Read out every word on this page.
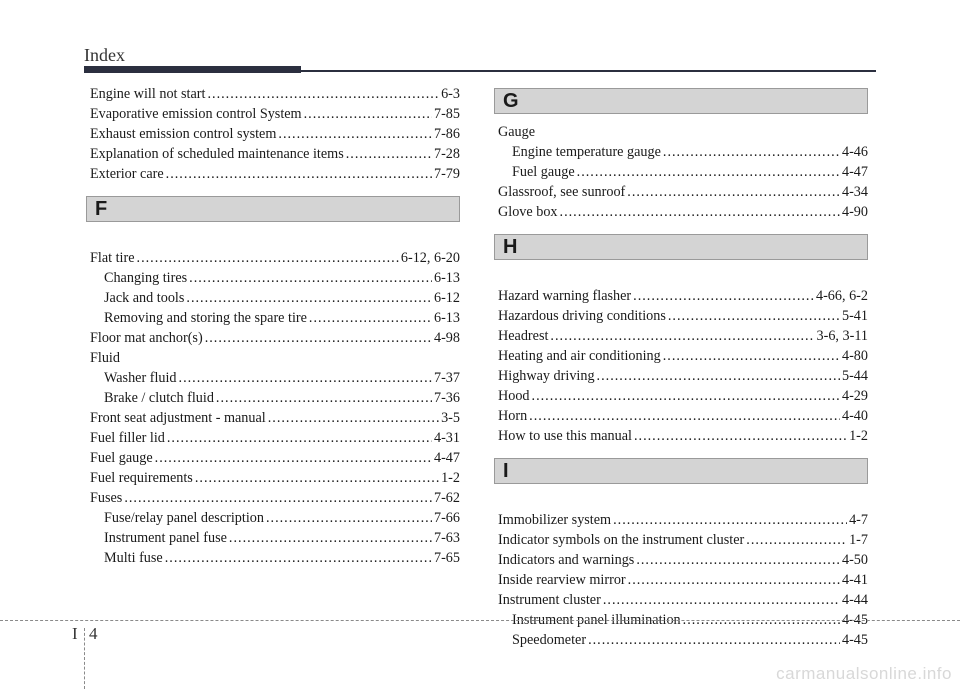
Index
Engine will not start .....	6-3
Evaporative emission control System .....	7-85
Exhaust emission control system .....	7-86
Explanation of scheduled maintenance items .....	7-28
Exterior care .....	7-79
F
Flat tire .....	6-12, 6-20
Changing tires .....	6-13
Jack and tools .....	6-12
Removing and storing the spare tire .....	6-13
Floor mat anchor(s) .....	4-98
Fluid
Washer fluid .....	7-37
Brake / clutch fluid .....	7-36
Front seat adjustment - manual .....	3-5
Fuel filler lid .....	4-31
Fuel gauge .....	4-47
Fuel requirements .....	1-2
Fuses .....	7-62
Fuse/relay panel description .....	7-66
Instrument panel fuse .....	7-63
Multi fuse .....	7-65
G
Gauge
Engine temperature gauge .....	4-46
Fuel gauge .....	4-47
Glassroof, see sunroof .....	4-34
Glove box .....	4-90
H
Hazard warning flasher .....	4-66, 6-2
Hazardous driving conditions .....	5-41
Headrest .....	3-6, 3-11
Heating and air conditioning .....	4-80
Highway driving .....	5-44
Hood .....	4-29
Horn .....	4-40
How to use this manual .....	1-2
I
Immobilizer system .....	4-7
Indicator symbols on the instrument cluster .....	1-7
Indicators and warnings .....	4-50
Inside rearview mirror .....	4-41
Instrument cluster .....	4-44
Instrument panel illumination .....	4-45
Speedometer .....	4-45
I 4
carmanualsonline.info
